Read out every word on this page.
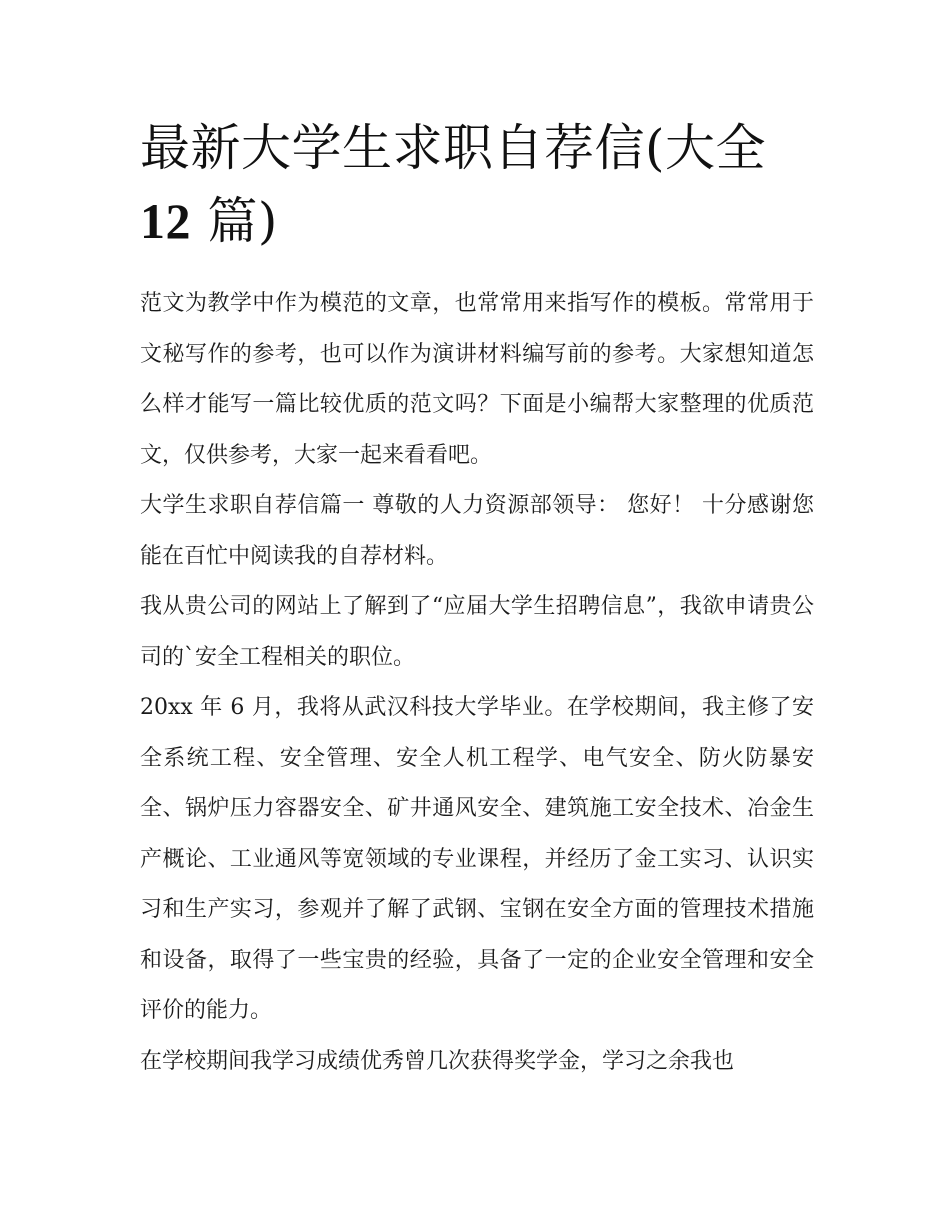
最新大学生求职自荐信(大全
12 篇)

范文为教学中作为模范的文章，也常常用来指写作的模板。常常用于文秘写作的参考，也可以作为演讲材料编写前的参考。大家想知道怎么样才能写一篇比较优质的范文吗？下面是小编帮大家整理的优质范文，仅供参考，大家一起来看看吧。

大学生求职自荐信篇一 尊敬的人力资源部领导： 您好！ 十分感谢您能在百忙中阅读我的自荐材料。

我从贵公司的网站上了解到了“应届大学生招聘信息”，我欲申请贵公司的`安全工程相关的职位。

20xx 年 6 月，我将从武汉科技大学毕业。在学校期间，我主修了安全系统工程、安全管理、安全人机工程学、电气安全、防火防暴安全、锅炉压力容器安全、矿井通风安全、建筑施工安全技术、冶金生产概论、工业通风等宽领域的专业课程，并经历了金工实习、认识实习和生产实习，参观并了解了武钢、宝钢在安全方面的管理技术措施和设备，取得了一些宝贵的经验，具备了一定的企业安全管理和安全评价的能力。

在学校期间我学习成绩优秀曾几次获得奖学金，学习之余我也
